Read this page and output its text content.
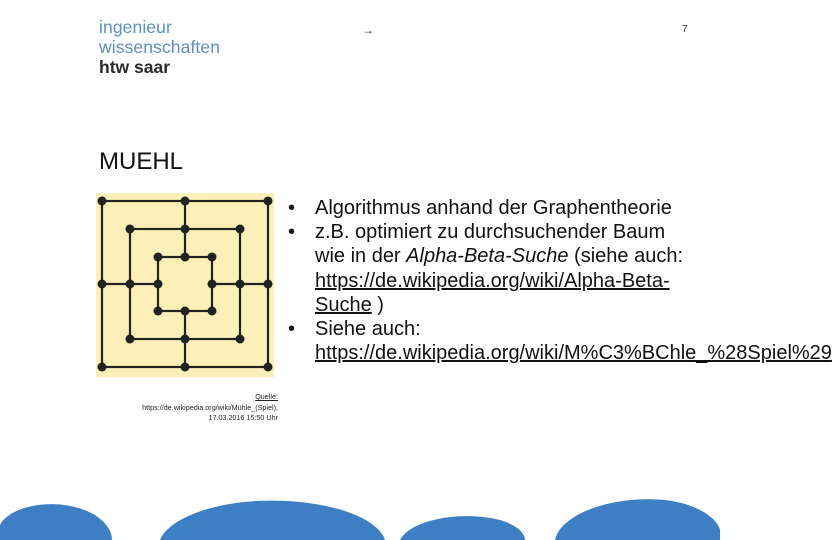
ingenieur
wissenschaften
htw saar
→	7
MUEHL
Quelle:
https://de.wikipedia.org/wiki/Mühle_(Spiel),
17.03.2016 15:50 Uhr
• Algorithmus anhand der Graphentheorie
• z.B. optimiert zu durchsuchender Baum wie in der Alpha-Beta-Suche (siehe auch: https://de.wikipedia.org/wiki/Alpha-Beta-Suche )
• Siehe auch: https://de.wikipedia.org/wiki/M%C3%BChle_%28Spiel%29
